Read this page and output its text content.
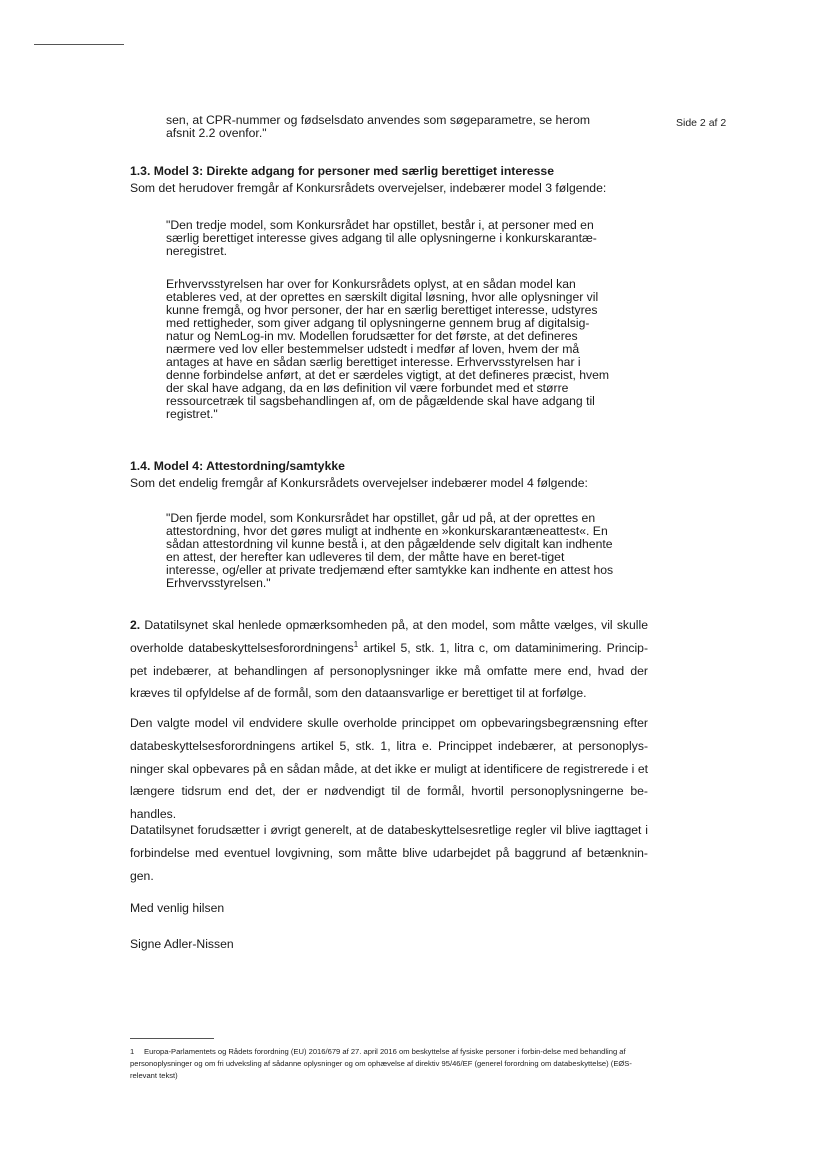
Side 2 af 2
sen, at CPR-nummer og fødselsdato anvendes som søgeparametre, se herom afsnit 2.2 ovenfor."
1.3. Model 3: Direkte adgang for personer med særlig berettiget interesse
Som det herudover fremgår af Konkursrådets overvejelser, indebærer model 3 følgende:
"Den tredje model, som Konkursrådet har opstillet, består i, at personer med en særlig berettiget interesse gives adgang til alle oplysningerne i konkurskarantæ-neregistret.
Erhvervsstyrelsen har over for Konkursrådets oplyst, at en sådan model kan etableres ved, at der oprettes en særskilt digital løsning, hvor alle oplysninger vil kunne fremgå, og hvor personer, der har en særlig berettiget interesse, udstyres med rettigheder, som giver adgang til oplysningerne gennem brug af digitalsig-natur og NemLog-in mv. Modellen forudsætter for det første, at det defineres nærmere ved lov eller bestemmelser udstedt i medfør af loven, hvem der må antages at have en sådan særlig berettiget interesse. Erhvervsstyrelsen har i denne forbindelse anført, at det er særdeles vigtigt, at det defineres præcist, hvem der skal have adgang, da en løs definition vil være forbundet med et større ressourcetræk til sagsbehandlingen af, om de pågældende skal have adgang til registret."
1.4. Model 4: Attestordning/samtykke
Som det endelig fremgår af Konkursrådets overvejelser indebærer model 4 følgende:
"Den fjerde model, som Konkursrådet har opstillet, går ud på, at der oprettes en attestordning, hvor det gøres muligt at indhente en »konkurskarantæneattest«. En sådan attestordning vil kunne bestå i, at den pågældende selv digitalt kan indhente en attest, der herefter kan udleveres til dem, der måtte have en beret-tiget interesse, og/eller at private tredjemænd efter samtykke kan indhente en attest hos Erhvervsstyrelsen."
2. Datatilsynet skal henlede opmærksomheden på, at den model, som måtte vælges, vil skulle overholde databeskyttelsesforordningens$^1$ artikel 5, stk. 1, litra c, om dataminimering. Princip-pet indebærer, at behandlingen af personoplysninger ikke må omfatte mere end, hvad der kræves til opfyldelse af de formål, som den dataansvarlige er berettiget til at forfølge.
Den valgte model vil endvidere skulle overholde princippet om opbevaringsbegrænsning efter databeskyttelsesforordningens artikel 5, stk. 1, litra e. Princippet indebærer, at personoplys-ninger skal opbevares på en sådan måde, at det ikke er muligt at identificere de registrerede i et længere tidsrum end det, der er nødvendigt til de formål, hvortil personoplysningerne be-handles.
Datatilsynet forudsætter i øvrigt generelt, at de databeskyttelsesretlige regler vil blive iagttaget i forbindelse med eventuel lovgivning, som måtte blive udarbejdet på baggrund af betænknin-gen.
Med venlig hilsen
Signe Adler-Nissen
1 Europa-Parlamentets og Rådets forordning (EU) 2016/679 af 27. april 2016 om beskyttelse af fysiske personer i forbin-delse med behandling af personoplysninger og om fri udveksling af sådanne oplysninger og om ophævelse af direktiv 95/46/EF (generel forordning om databeskyttelse) (EØS-relevant tekst)
